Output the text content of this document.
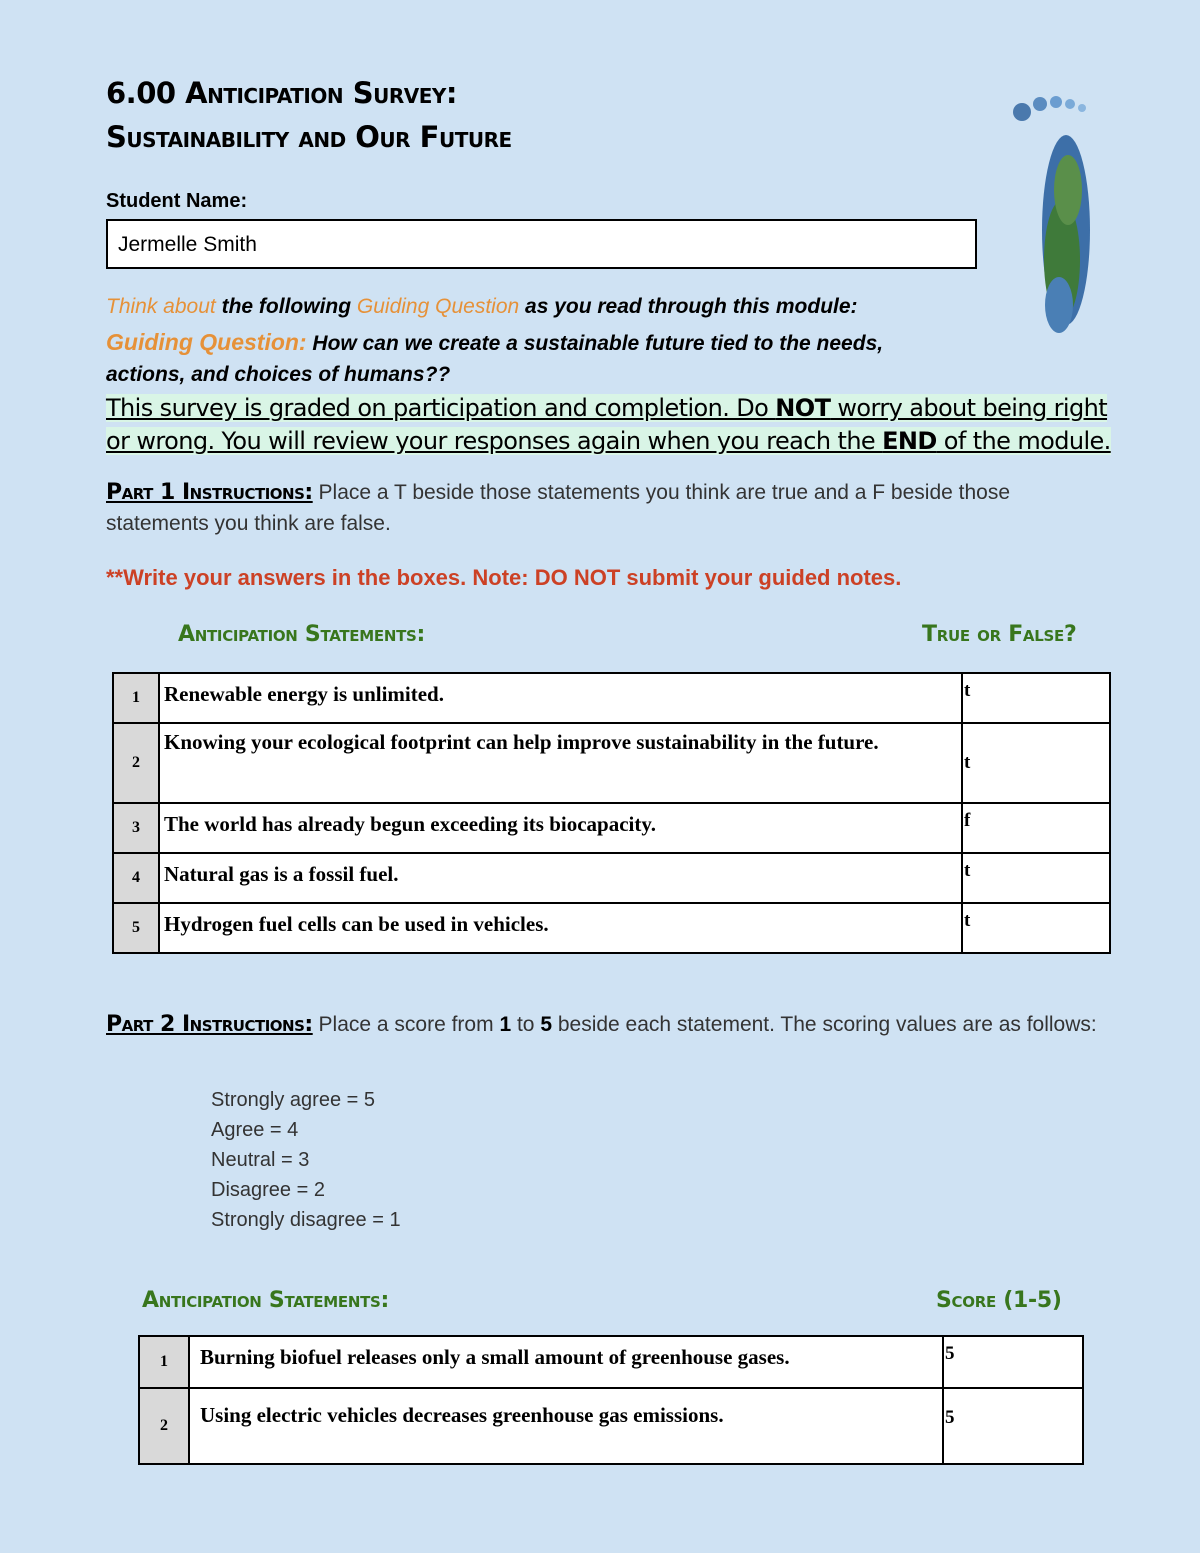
6.00 Anticipation Survey:
Sustainability and Our Future
Student Name:
Jermelle Smith
Think about the following Guiding Question as you read through this module:
Guiding Question: How can we create a sustainable future tied to the needs,
actions, and choices of humans??
This survey is graded on participation and completion. Do NOT worry about being right
or wrong. You will review your responses again when you reach the END of the module.
Part 1 Instructions: Place a T beside those statements you think are true and a F beside those statements you think are false.
**Write your answers in the boxes. Note: DO NOT submit your guided notes.
Anticipation Statements:	True or False?
1	Renewable energy is unlimited.	t
2	Knowing your ecological footprint can help improve sustainability in the future.	t
3	The world has already begun exceeding its biocapacity.	f
4	Natural gas is a fossil fuel.	t
5	Hydrogen fuel cells can be used in vehicles.	t
Part 2 Instructions: Place a score from 1 to 5 beside each statement. The scoring values are as follows:
Strongly agree = 5
Agree = 4
Neutral = 3
Disagree = 2
Strongly disagree = 1
Anticipation Statements:	Score (1-5)
1	Burning biofuel releases only a small amount of greenhouse gases.	5
2	Using electric vehicles decreases greenhouse gas emissions.	5
